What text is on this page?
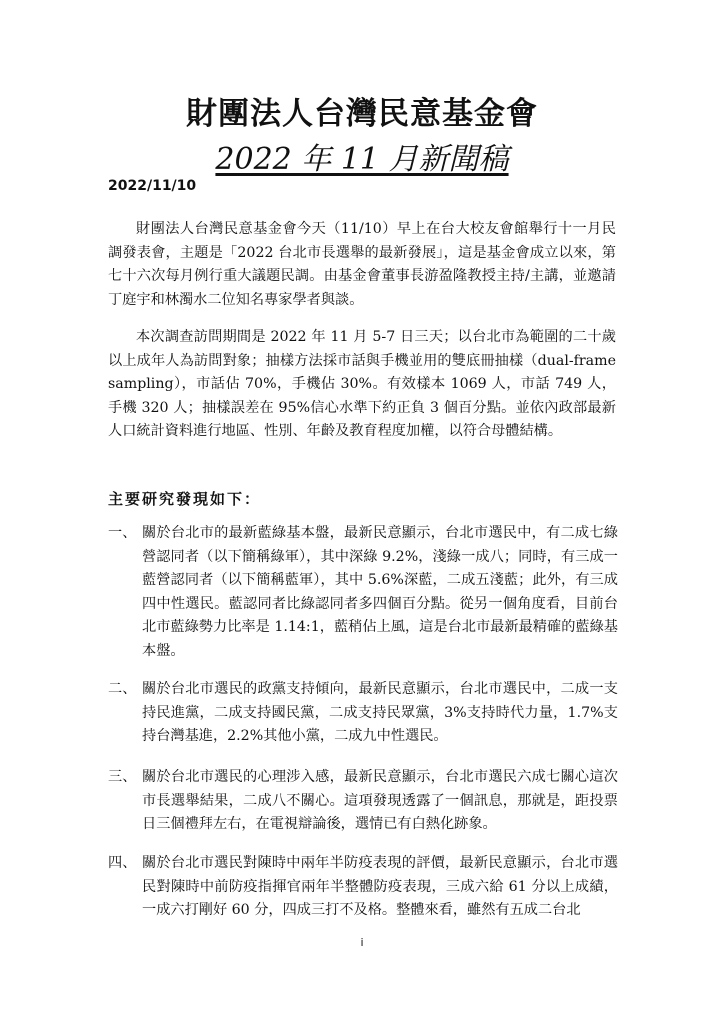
財團法人台灣民意基金會
2022 年 11 月新聞稿
2022/11/10

財團法人台灣民意基金會今天（11/10）早上在台大校友會館舉行十一月民調發表會，主題是「2022 台北市長選舉的最新發展」，這是基金會成立以來，第七十六次每月例行重大議題民調。由基金會董事長游盈隆教授主持/主講，並邀請丁庭宇和林濁水二位知名專家學者與談。

本次調查訪問期間是 2022 年 11 月 5-7 日三天；以台北市為範圍的二十歲以上成年人為訪問對象；抽樣方法採市話與手機並用的雙底冊抽樣（dual-frame sampling），市話佔 70%，手機佔 30%。有效樣本 1069 人，市話 749 人，手機 320 人；抽樣誤差在 95%信心水準下約正負 3 個百分點。並依內政部最新人口統計資料進行地區、性別、年齡及教育程度加權，以符合母體結構。

主要研究發現如下：
一、 關於台北市的最新藍綠基本盤，最新民意顯示，台北市選民中，有二成七綠營認同者（以下簡稱綠軍），其中深綠 9.2%，淺綠一成八；同時，有三成一藍營認同者（以下簡稱藍軍），其中 5.6%深藍，二成五淺藍；此外，有三成四中性選民。藍認同者比綠認同者多四個百分點。從另一個角度看，目前台北市藍綠勢力比率是 1.14:1，藍稍佔上風，這是台北市最新最精確的藍綠基本盤。
二、 關於台北市選民的政黨支持傾向，最新民意顯示，台北市選民中，二成一支持民進黨，二成支持國民黨，二成支持民眾黨，3%支持時代力量，1.7%支持台灣基進，2.2%其他小黨，二成九中性選民。
三、 關於台北市選民的心理涉入感，最新民意顯示，台北市選民六成七關心這次市長選舉結果，二成八不關心。這項發現透露了一個訊息，那就是，距投票日三個禮拜左右，在電視辯論後，選情已有白熱化跡象。
四、 關於台北市選民對陳時中兩年半防疫表現的評價，最新民意顯示，台北市選民對陳時中前防疫指揮官兩年半整體防疫表現，三成六給 61 分以上成績，一成六打剛好 60 分，四成三打不及格。整體來看，雖然有五成二台北
i
